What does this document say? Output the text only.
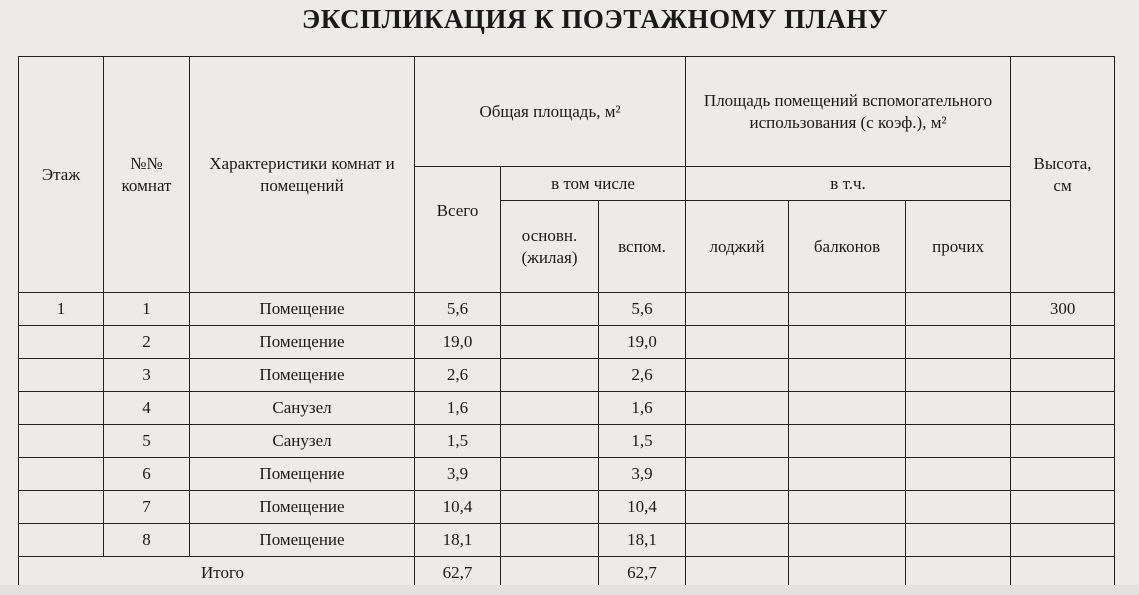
ЭКСПЛИКАЦИЯ К ПОЭТАЖНОМУ ПЛАНУ
Этаж	№№ комнат	Характеристики комнат и помещений	Общая площадь, м²			Площадь помещений вспомогательного использования (с коэф.), м²			Высота, см
			Всего	в том числе		в т.ч.			
				основн. (жилая)	вспом.	лоджий	балконов	прочих	
1	1	Помещение	5,6		5,6				300
	2	Помещение	19,0		19,0				
	3	Помещение	2,6		2,6				
	4	Санузел	1,6		1,6				
	5	Санузел	1,5		1,5				
	6	Помещение	3,9		3,9				
	7	Помещение	10,4		10,4				
	8	Помещение	18,1		18,1				
Итого			62,7		62,7				
